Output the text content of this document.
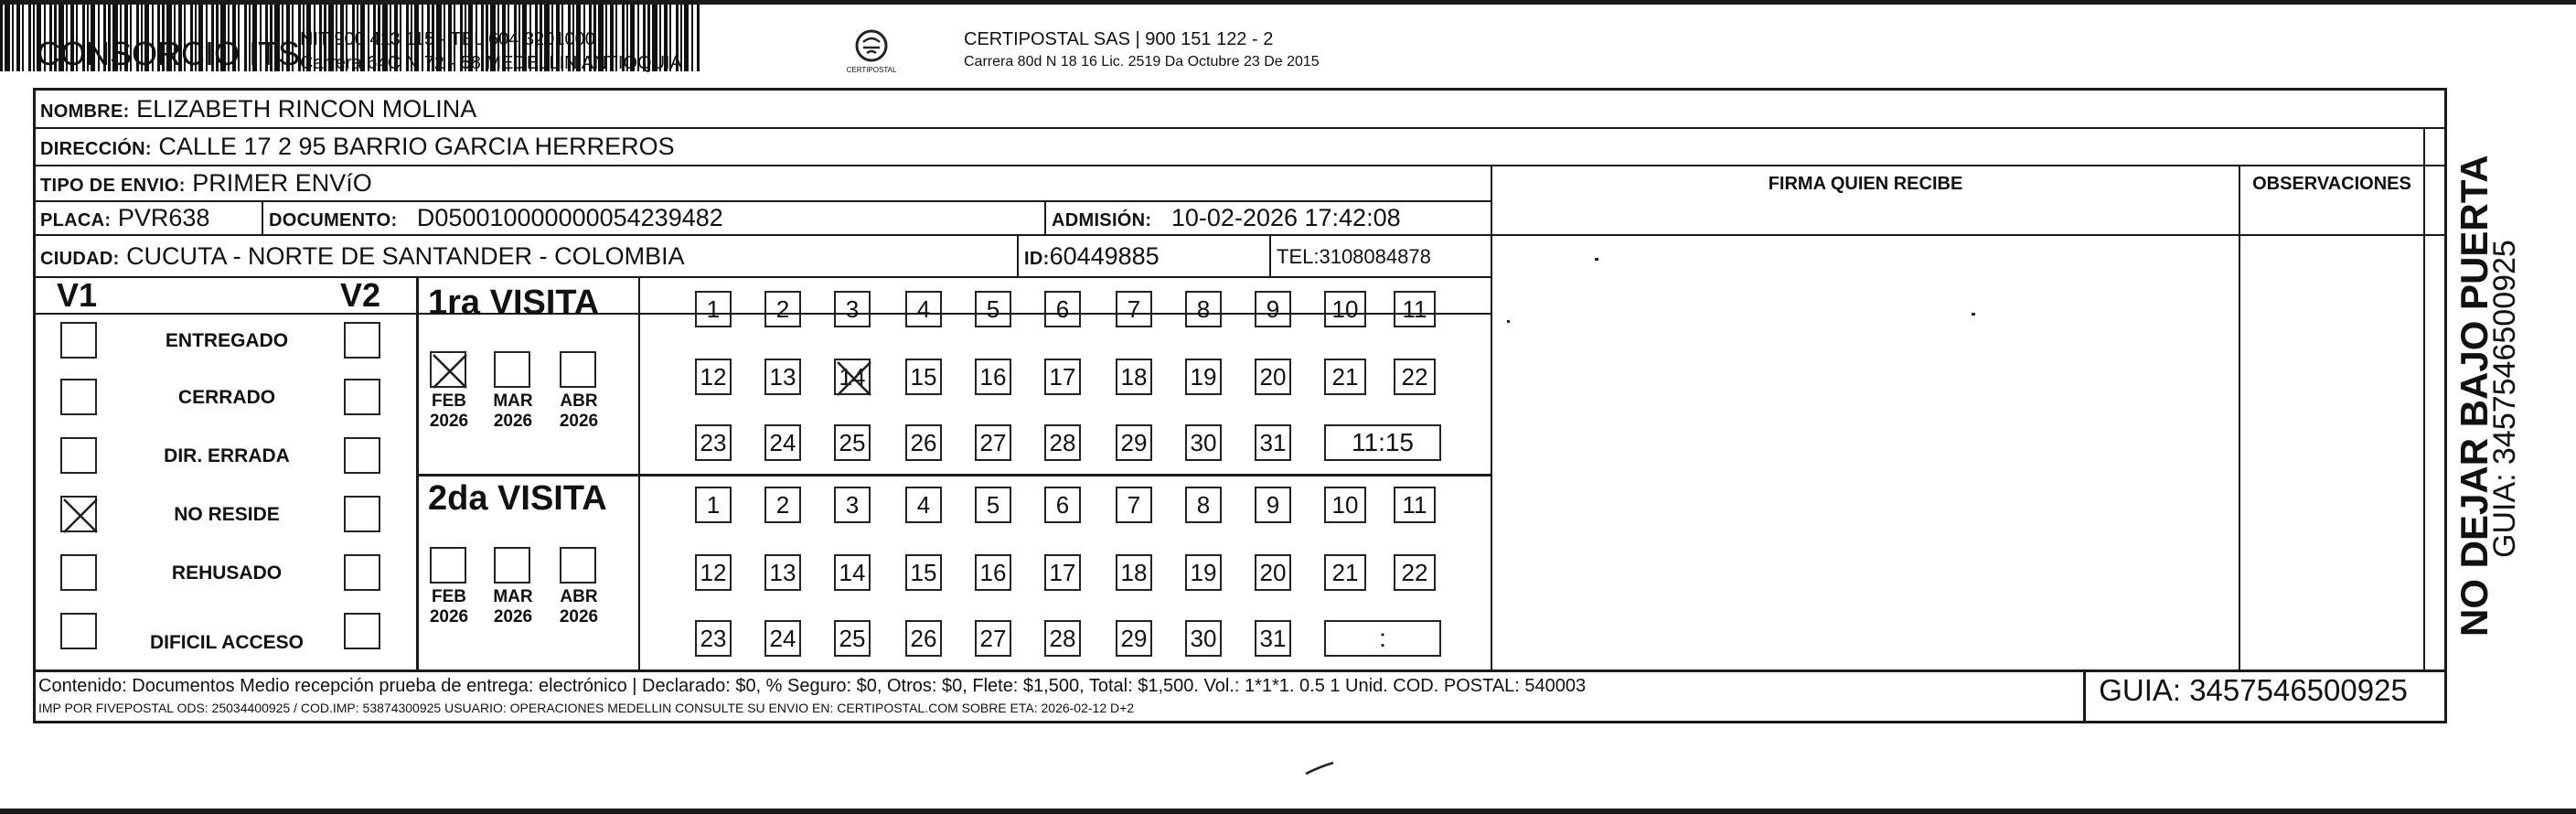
CONSORCIO ITS NIT 900 413 115 - TEL 604 3201000
Carrera 64C N 72 - 58 MEDELLIN ANTIOQUIA	CERTIPOSTAL
CERTIPOSTAL SAS | 900 151 122 - 2
Carrera 80d N 18 16 Lic. 2519 Da Octubre 23 De 2015
NOMBRE: ELIZABETH RINCON MOLINA
DIRECCIÓN: CALLE 17 2 95 BARRIO GARCIA HERREROS
TIPO DE ENVIO: PRIMER ENVíO	FIRMA QUIEN RECIBE	OBSERVACIONES
PLACA: PVR638	DOCUMENTO: D050010000000054239482	ADMISIÓN: 10-02-2026 17:42:08
CIUDAD: CUCUTA - NORTE DE SANTANDER - COLOMBIA	ID:60449885	TEL:3108084878
V1	V2
ENTREGADO
CERRADO
DIR. ERRADA
NO RESIDE
REHUSADO
DIFICIL ACCESO
1ra VISITA
2da VISITA
FEB
2026
MAR
2026
ABR
2026
FEB
2026
MAR
2026
ABR
2026
1	2	3	4	5	6	7	8	9	10	11
12 13 14 15 16 17 18 19 20	21	22
23 24 25 26 27 28 29 30 31	11:15
1	2	3	4	5	6	7	8	9	10	11
12 13 14 15 16 17 18 19 20	21	22
23 24 25 26 27 28 29 30 31	:
Contenido: Documentos Medio recepción prueba de entrega: electrónico | Declarado: $0, % Seguro: $0, Otros: $0, Flete: $1,500, Total: $1,500. Vol.: 1*1*1. 0.5 1 Unid. COD. POSTAL: 540003
IMP POR FIVEPOSTAL ODS: 25034400925 / COD.IMP: 53874300925 USUARIO: OPERACIONES MEDELLIN CONSULTE SU ENVIO EN: CERTIPOSTAL.COM SOBRE ETA: 2026-02-12 D+2
GUIA: 3457546500925
NO DEJAR BAJO PUERTA
GUIA: 3457546500925
